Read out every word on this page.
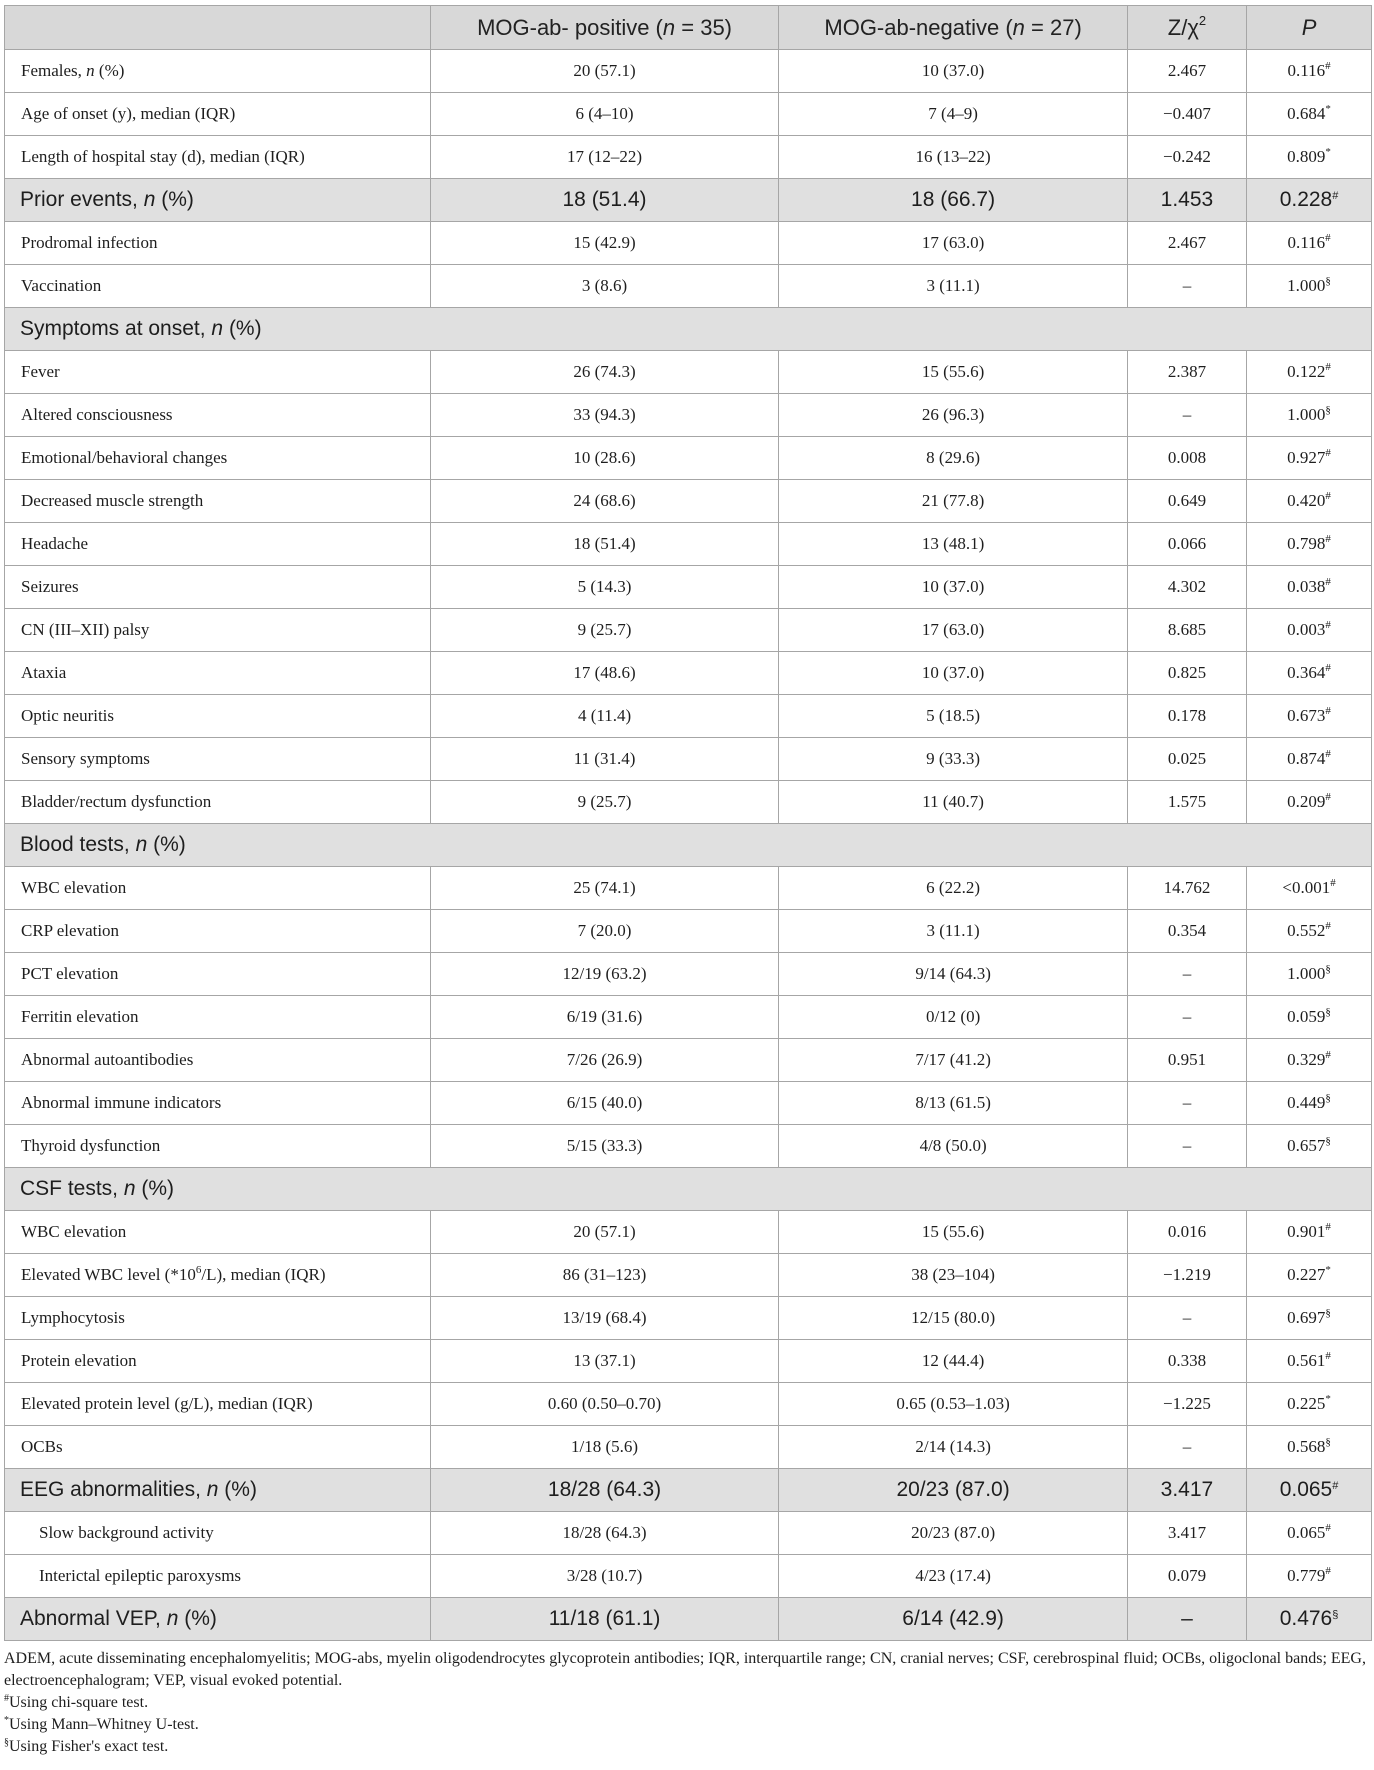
	MOG-ab- positive (n = 35)	MOG-ab-negative (n = 27)	$Z/\chi^2$	P
Females, n (%)	20 (57.1)	10 (37.0)	2.467	0.116#
Age of onset (y), median (IQR)	6 (4–10)	7 (4–9)	−0.407	0.684*
Length of hospital stay (d), median (IQR)	17 (12–22)	16 (13–22)	−0.242	0.809*
Prior events, n (%)	18 (51.4)	18 (66.7)	1.453	0.228#
Prodromal infection	15 (42.9)	17 (63.0)	2.467	0.116#
Vaccination	3 (8.6)	3 (11.1)	–	1.000§
Symptoms at onset, n (%)				
Fever	26 (74.3)	15 (55.6)	2.387	0.122#
Altered consciousness	33 (94.3)	26 (96.3)	–	1.000§
Emotional/behavioral changes	10 (28.6)	8 (29.6)	0.008	0.927#
Decreased muscle strength	24 (68.6)	21 (77.8)	0.649	0.420#
Headache	18 (51.4)	13 (48.1)	0.066	0.798#
Seizures	5 (14.3)	10 (37.0)	4.302	0.038#
CN (III–XII) palsy	9 (25.7)	17 (63.0)	8.685	0.003#
Ataxia	17 (48.6)	10 (37.0)	0.825	0.364#
Optic neuritis	4 (11.4)	5 (18.5)	0.178	0.673#
Sensory symptoms	11 (31.4)	9 (33.3)	0.025	0.874#
Bladder/rectum dysfunction	9 (25.7)	11 (40.7)	1.575	0.209#
Blood tests, n (%)				
WBC elevation	25 (74.1)	6 (22.2)	14.762	<0.001#
CRP elevation	7 (20.0)	3 (11.1)	0.354	0.552#
PCT elevation	12/19 (63.2)	9/14 (64.3)	–	1.000§
Ferritin elevation	6/19 (31.6)	0/12 (0)	–	0.059§
Abnormal autoantibodies	7/26 (26.9)	7/17 (41.2)	0.951	0.329#
Abnormal immune indicators	6/15 (40.0)	8/13 (61.5)	–	0.449§
Thyroid dysfunction	5/15 (33.3)	4/8 (50.0)	–	0.657§
CSF tests, n (%)				
WBC elevation	20 (57.1)	15 (55.6)	0.016	0.901#
Elevated WBC level $(*10^6/L)$, median (IQR)	86 (31–123)	38 (23–104)	−1.219	0.227*
Lymphocytosis	13/19 (68.4)	12/15 (80.0)	–	0.697§
Protein elevation	13 (37.1)	12 (44.4)	0.338	0.561#
Elevated protein level (g/L), median (IQR)	0.60 (0.50–0.70)	0.65 (0.53–1.03)	−1.225	0.225*
OCBs	1/18 (5.6)	2/14 (14.3)	–	0.568§
EEG abnormalities, n (%)	18/28 (64.3)	20/23 (87.0)	3.417	0.065#
Slow background activity	18/28 (64.3)	20/23 (87.0)	3.417	0.065#
Interictal epileptic paroxysms	3/28 (10.7)	4/23 (17.4)	0.079	0.779#
Abnormal VEP, n (%)	11/18 (61.1)	6/14 (42.9)	–	0.476§

ADEM, acute disseminating encephalomyelitis; MOG-abs, myelin oligodendrocytes glycoprotein antibodies; IQR, interquartile range; CN, cranial nerves; CSF, cerebrospinal fluid; OCBs, oligoclonal bands; EEG, electroencephalogram; VEP, visual evoked potential.

#Using chi-square test.

*Using Mann–Whitney U-test.

§Using Fisher's exact test.
